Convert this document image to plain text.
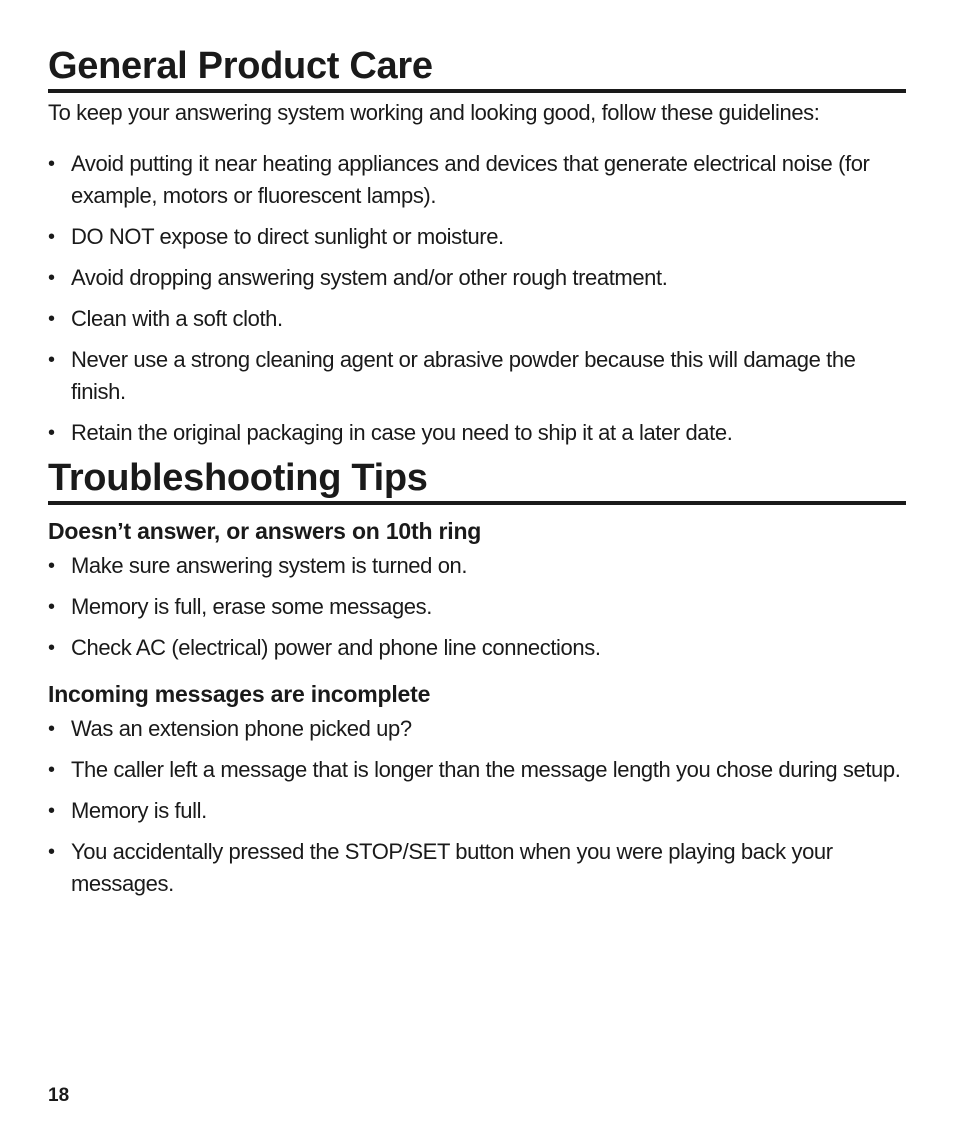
General Product Care

To keep your answering system working and looking good, follow these guidelines:

• Avoid putting it near heating appliances and devices that generate electrical noise (for example, motors or fluorescent lamps).
• DO NOT expose to direct sunlight or moisture.
• Avoid dropping answering system and/or other rough treatment.
• Clean with a soft cloth.
• Never use a strong cleaning agent or abrasive powder because this will damage the finish.
• Retain the original packaging in case you need to ship it at a later date.
Troubleshooting Tips
Doesn’t answer, or answers on 10th ring
• Make sure answering system is turned on.
• Memory is full, erase some messages.
• Check AC (electrical) power and phone line connections.
Incoming messages are incomplete
• Was an extension phone picked up?
• The caller left a message that is longer than the message length you chose during setup.
• Memory is full.
• You accidentally pressed the STOP/SET button when you were playing back your messages.
18
